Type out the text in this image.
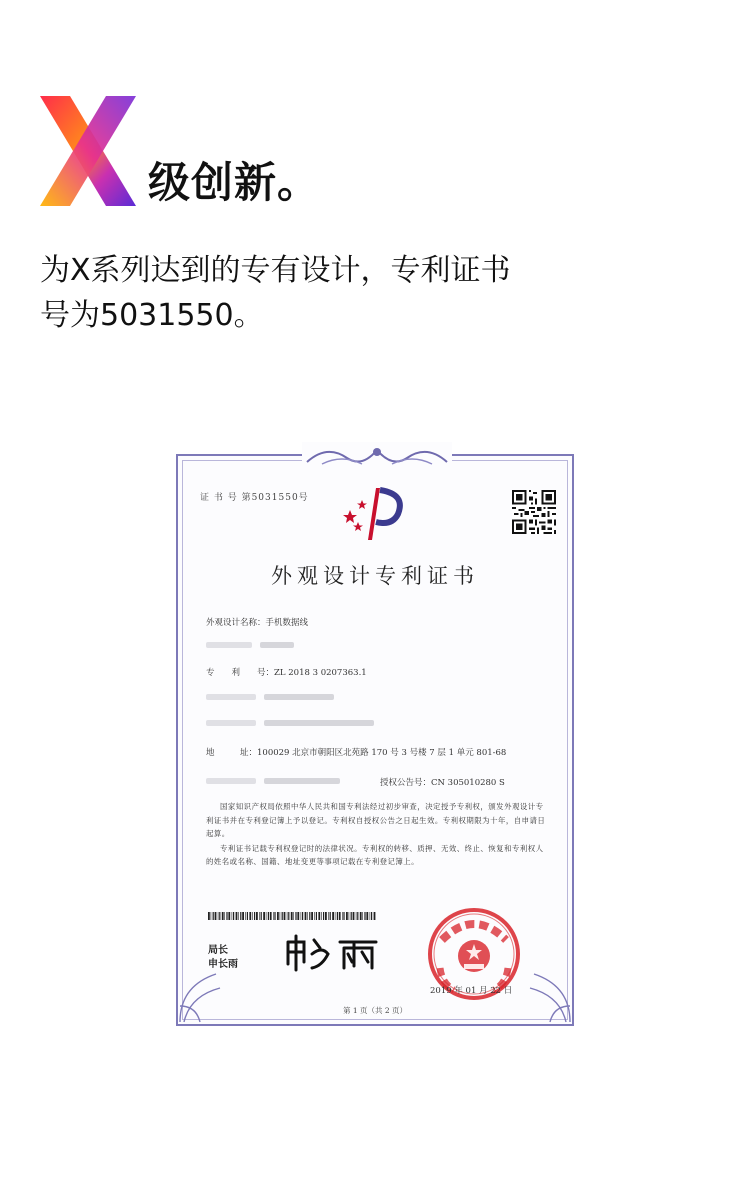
级创新。
为X系列达到的专有设计，专利证书
号为5031550。
证 书 号 第5031550号
外观设计专利证书
外观设计名称：手机数据线
专　　利　　号：ZL 2018 3 0207363.1
地　　　址：100029 北京市朝阳区北苑路 170 号 3 号楼 7 层 1 单元 801-68
授权公告号：CN 305010280 S

国家知识产权局依照中华人民共和国专利法经过初步审查，决定授予专利权，颁发外观设计专利证书并在专利登记簿上予以登记。专利权自授权公告之日起生效。专利权期限为十年，自申请日起算。

专利证书记载专利权登记时的法律状况。专利权的转移、质押、无效、终止、恢复和专利权人的姓名或名称、国籍、地址变更等事项记载在专利登记簿上。

局长
申长雨
2019 年 01 月 22 日
第 1 页（共 2 页）
